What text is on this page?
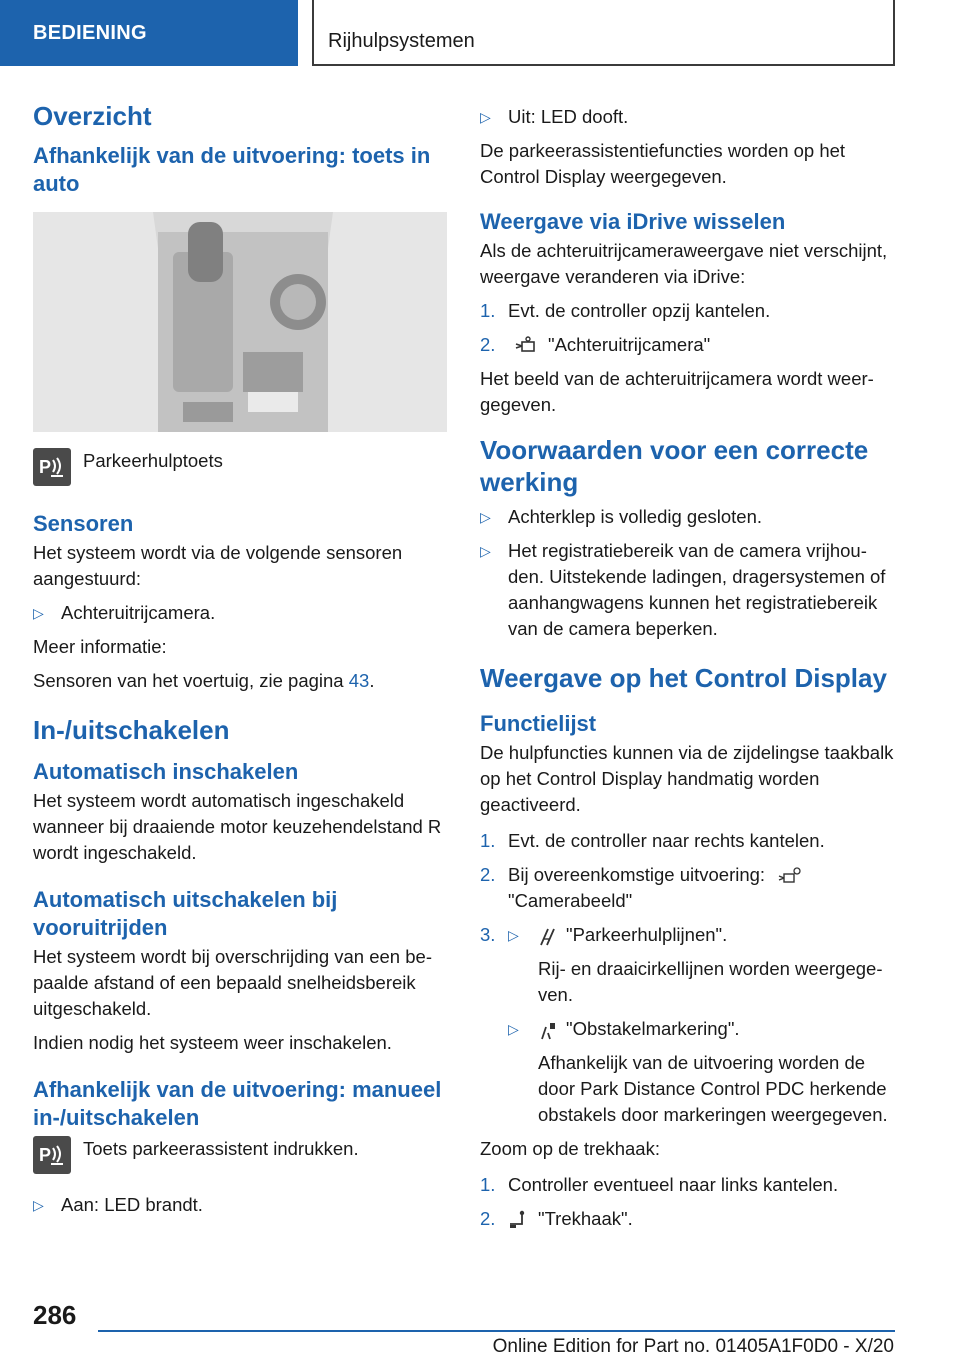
BEDIENING	Rijhulpsystemen
Overzicht
Afhankelijk van de uitvoering: toets in auto
P Parkeerhulptoets
Sensoren

Het systeem wordt via de volgende sensoren aangestuurd:

▷ Achteruitrijcamera.

Meer informatie:

Sensoren van het voertuig, zie pagina 43.

In-/uitschakelen
Automatisch inschakelen

Het systeem wordt automatisch ingeschakeld wanneer bij draaiende motor keuzehendelstand R wordt ingeschakeld.

Automatisch uitschakelen bij vooruitrijden

Het systeem wordt bij overschrijding van een bepaalde afstand of een bepaald snelheidsbereik uitgeschakeld.

Indien nodig het systeem weer inschakelen.

Afhankelijk van de uitvoering: manueel in-/uitschakelen
P Toets parkeerassistent indrukken.
▷ Aan: LED brandt.
▷ Uit: LED dooft.

De parkeerassistentiefuncties worden op het Control Display weergegeven.

Weergave via iDrive wisselen

Als de achteruitrijcameraweergave niet verschijnt, weergave veranderen via iDrive:

1. Evt. de controller opzij kantelen.
2.	"Achteruitrijcamera"

Het beeld van de achteruitrijcamera wordt weergegeven.

Voorwaarden voor een correcte werking
▷ Achterklep is volledig gesloten.
▷ Het registratiebereik van de camera vrijhouden. Uitstekende ladingen, dragersystemen of aanhangwagens kunnen het registratiebereik van de camera beperken.
Weergave op het Control Display
Functielijst

De hulpfuncties kunnen via de zijdelingse taakbalk op het Control Display handmatig worden geactiveerd.

1. Evt. de controller naar rechts kantelen.
2. Bij overeenkomstige uitvoering:
"Camerabeeld"
3. ▷	"Parkeerhulplijnen".

Rij- en draaicirkellijnen worden weergegeven.

▷	"Obstakelmarkering".

Afhankelijk van de uitvoering worden de door Park Distance Control PDC herkende obstakels door markeringen weergegeven.

Zoom op de trekhaak:

1. Controller eventueel naar links kantelen.
2.	"Trekhaak".
286
Online Edition for Part no. 01405A1F0D0 - X/20
